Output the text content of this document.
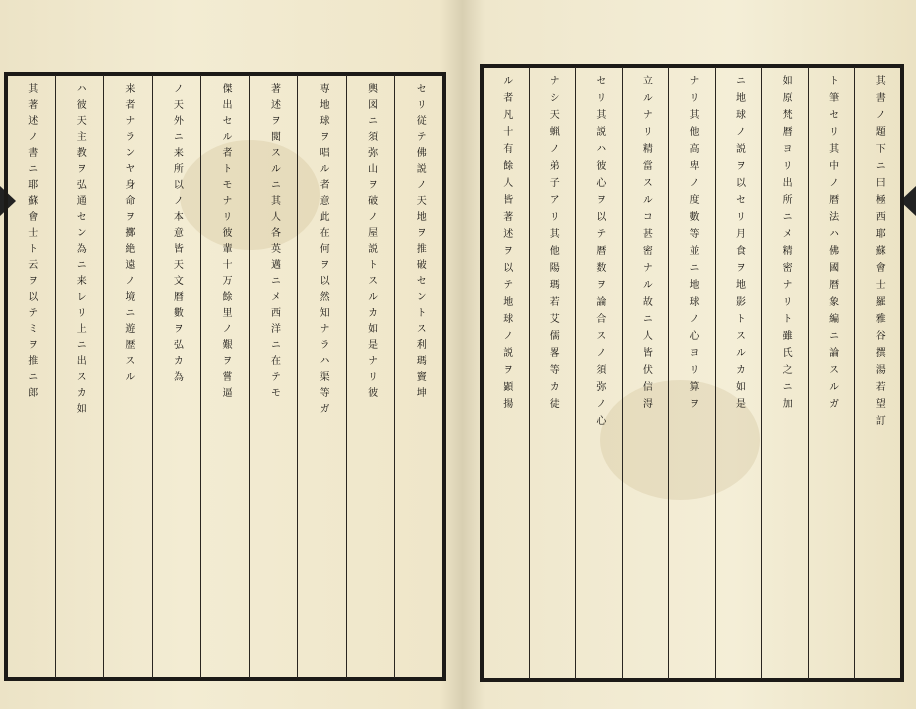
セリ従テ佛説ノ天地ヲ推破セントス利瑪竇坤
輿図ニ須弥山ヲ破ノ屋説トスルカ如是ナリ彼
専地球ヲ唱ル者意此在何ヲ以然知ナラハ渠等ガ
著述ヲ閲スルニ其人各英邁ニメ西洋ニ在テモ
傑出セル者トモナリ彼輩十万餘里ノ艱ヲ嘗逼
ノ天外ニ来所以ノ本意皆天文暦數ヲ弘カ為
来者ナランヤ身命ヲ擲絶遠ノ境ニ遊歴スル
ハ彼天主教ヲ弘通セン為ニ来レリ上ニ出スカ如
其著述ノ書ニ耶蘇會士ト云ヲ以テミヲ推ニ郎	其書ノ題下ニ曰極西耶蘇會士羅雅谷撰湯若望訂
ト筆セリ其中ノ暦法ハ佛國暦象編ニ論スルガ
如原梵暦ヨリ出所ニメ精密ナリト雖氏之ニ加
ニ地球ノ説ヲ以セリ月食ヲ地影トスルカ如是
ナリ其他高卑ノ度數等並ニ地球ノ心ヨリ算ヲ
立ルナリ精當スルコ甚密ナル故ニ人皆伏信淂
セリ其説ハ彼心ヲ以テ暦数ヲ論合スノ須弥ノ心
ナシ天蝋ノ弟子アリ其他陽瑪若艾儒畧等カ徒
ル者凡十有餘人皆著述ヲ以テ地球ノ説ヲ顕揚
